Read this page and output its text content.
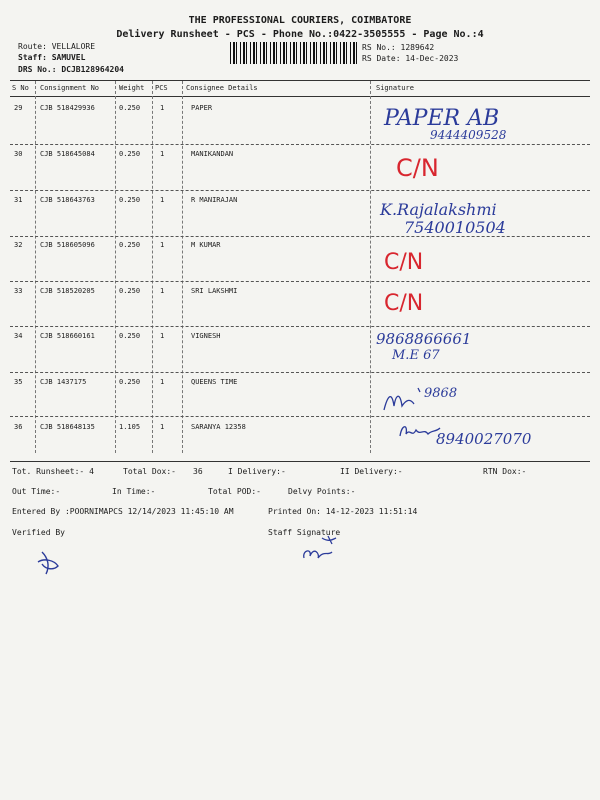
THE PROFESSIONAL COURIERS, COIMBATORE
Delivery Runsheet - PCS - Phone No.:0422-3505555 - Page No.:4
Route: VELLALORE
Staff: SAMUVEL
DRS No.: DCJB128964204
RS No.: 1289642
RS Date: 14-Dec-2023
S No Consignment No	Weight PCS	Consignee Details	Signature
29	CJB 518429936	0.250	1	PAPER	PAPER AB
9444409528
30	CJB 518645084	0.250	1	MANIKANDAN	C/N
31	CJB 518643763	0.250	1	R MANIRAJAN	K.Rajalakshmi
7540010504
32	CJB 518605096	0.250	1	M KUMAR
C/N
33	CJB 518520205	0.250	1	SRI LAKSHMI	C/N
34	CJB 518660161	0.250	1	VIGNESH	9868866661
M.E 67
35	CJB 1437175	0.250	1	QUEENS TIME
9868
36	CJB 518648135	1.105	1	SARANYA 12358
8940027070
Tot. Runsheet:- 4	Total Dox:- 36	I Delivery:-	II Delivery:-	RTN Dox:-
Out Time:-	In Time:-	Total POD:-	Delvy Points:-
Entered By :POORNIMAPCS 12/14/2023 11:45:10 AM	Printed On: 14-12-2023 11:51:14
Verified By	Staff Signature
